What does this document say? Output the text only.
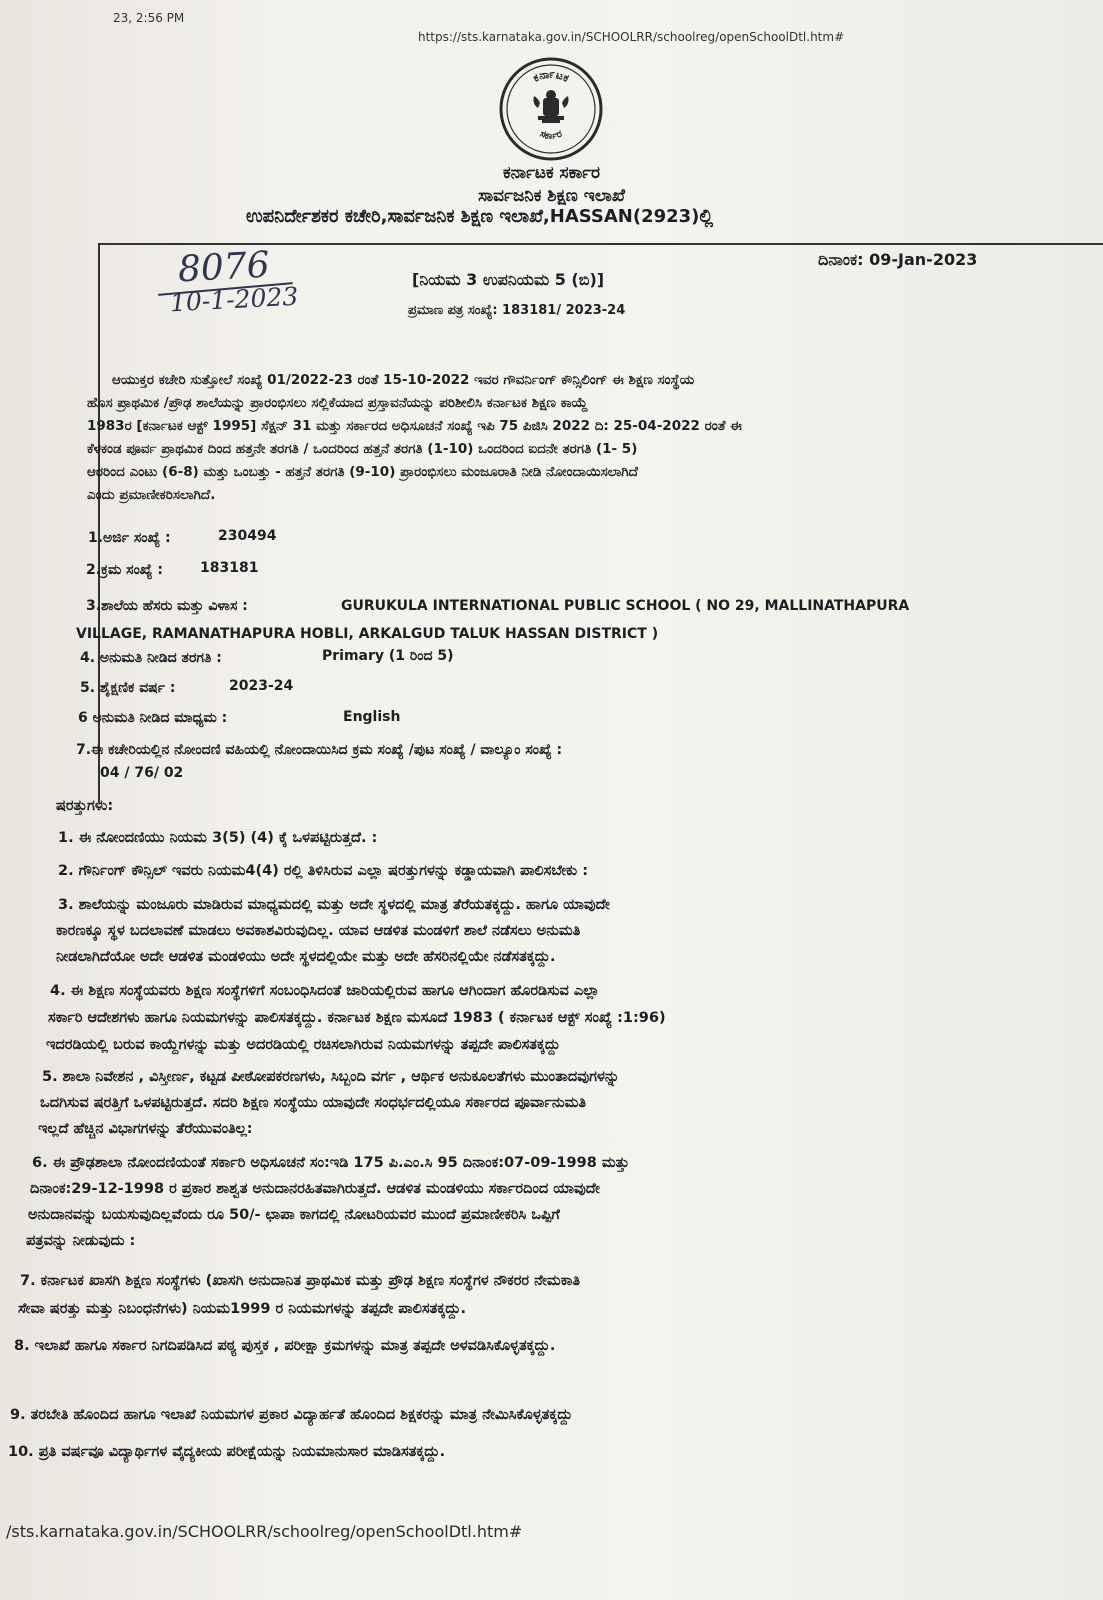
23, 2:56 PM
https://sts.karnataka.gov.in/SCHOOLRR/schoolreg/openSchoolDtl.htm#
ಕರ್ನಾಟಕ
ಸರ್ಕಾರ
ಕರ್ನಾಟಕ ಸರ್ಕಾರ
ಸಾರ್ವಜನಿಕ ಶಿಕ್ಷಣ ಇಲಾಖೆ
ಉಪನಿರ್ದೇಶಕರ ಕಚೇರಿ,ಸಾರ್ವಜನಿಕ ಶಿಕ್ಷಣ ಇಲಾಖೆ,HASSAN(2923)ಲ್ಲಿ
ದಿನಾಂಕ: 09-Jan-2023
8076
10-1-2023
[ನಿಯಮ 3 ಉಪನಿಯಮ 5 (ಬಿ)]
ಪ್ರಮಾಣ ಪತ್ರ ಸಂಖ್ಯೆ: 183181/ 2023-24
ಆಯುಕ್ತರ ಕಚೇರಿ ಸುತ್ತೋಲೆ ಸಂಖ್ಯೆ 01/2022-23 ರಂತೆ 15-10-2022 ಇವರ ಗೌವರ್ನಿಂಗ್ ಕೌನ್ಸಿಲಿಂಗ್ ಈ ಶಿಕ್ಷಣ ಸಂಸ್ಥೆಯ
ಹೊಸ ಪ್ರಾಥಮಿಕ /ಪ್ರೌಢ ಶಾಲೆಯನ್ನು ಪ್ರಾರಂಭಿಸಲು ಸಲ್ಲಿಕೆಯಾದ ಪ್ರಸ್ತಾವನೆಯನ್ನು ಪರಿಶೀಲಿಸಿ ಕರ್ನಾಟಕ ಶಿಕ್ಷಣ ಕಾಯ್ದೆ
1983ರ [ಕರ್ನಾಟಕ ಆಕ್ಟ್ 1995] ಸೆಕ್ಷನ್ 31 ಮತ್ತು ಸರ್ಕಾರದ ಅಧಿಸೂಚನೆ ಸಂಖ್ಯೆ ಇಪಿ 75 ಪಿಜಿಸಿ 2022 ದಿ: 25-04-2022 ರಂತೆ ಈ
ಕೆಳಕಂಡ ಪೂರ್ವ ಪ್ರಾಥಮಿಕ ದಿಂದ ಹತ್ತನೇ ತರಗತಿ / ಒಂದರಿಂದ ಹತ್ತನೆ ತರಗತಿ (1-10) ಒಂದರಿಂದ ಐದನೇ ತರಗತಿ (1- 5)
ಆರರಿಂದ ಎಂಟು (6-8) ಮತ್ತು ಒಂಬತ್ತು - ಹತ್ತನೆ ತರಗತಿ (9-10) ಪ್ರಾರಂಭಿಸಲು ಮಂಜೂರಾತಿ ನೀಡಿ ನೋಂದಾಯಿಸಲಾಗಿದೆ
ಎಂದು ಪ್ರಮಾಣೀಕರಿಸಲಾಗಿದೆ.
1.ಅರ್ಜಿ ಸಂಖ್ಯೆ :	230494
2.ಕ್ರಮ ಸಂಖ್ಯೆ :	183181
3.ಶಾಲೆಯ ಹೆಸರು ಮತ್ತು ವಿಳಾಸ :	GURUKULA INTERNATIONAL PUBLIC SCHOOL ( NO 29, MALLINATHAPURA
VILLAGE, RAMANATHAPURA HOBLI, ARKALGUD TALUK HASSAN DISTRICT )
4. ಅನುಮತಿ ನೀಡಿದ ತರಗತಿ :	Primary (1 ರಿಂದ 5)
5. ಶೈಕ್ಷಣಿಕ ವರ್ಷ :	2023-24
6 ಅನುಮತಿ ನೀಡಿದ ಮಾಧ್ಯಮ :	English
7.ಈ ಕಚೇರಿಯಲ್ಲಿನ ನೋಂದಣಿ ವಹಿಯಲ್ಲಿ ನೋಂದಾಯಿಸಿದ ಕ್ರಮ ಸಂಖ್ಯೆ /ಪುಟ ಸಂಖ್ಯೆ / ವಾಲ್ಯೂಂ ಸಂಖ್ಯೆ :
04 / 76/ 02
ಷರತ್ತುಗಳು:
1. ಈ ನೋಂದಣಿಯು ನಿಯಮ 3(5) (4) ಕ್ಕೆ ಒಳಪಟ್ಟಿರುತ್ತದೆ. :
2. ಗೌರ್ನಿಂಗ್ ಕೌನ್ಸಿಲ್ ಇವರು ನಿಯಮ4(4) ರಲ್ಲಿ ತಿಳಿಸಿರುವ ಎಲ್ಲಾ ಷರತ್ತುಗಳನ್ನು ಕಡ್ಡಾಯವಾಗಿ ಪಾಲಿಸಬೇಕು :
3. ಶಾಲೆಯನ್ನು ಮಂಜೂರು ಮಾಡಿರುವ ಮಾಧ್ಯಮದಲ್ಲಿ ಮತ್ತು ಅದೇ ಸ್ಥಳದಲ್ಲಿ ಮಾತ್ರ ತೆರೆಯತಕ್ಕದ್ದು. ಹಾಗೂ ಯಾವುದೇ
ಕಾರಣಕ್ಕೂ ಸ್ಥಳ ಬದಲಾವಣೆ ಮಾಡಲು ಅವಕಾಶವಿರುವುದಿಲ್ಲ. ಯಾವ ಆಡಳಿತ ಮಂಡಳಿಗೆ ಶಾಲೆ ನಡೆಸಲು ಅನುಮತಿ
ನೀಡಲಾಗಿದೆಯೋ ಅದೇ ಆಡಳಿತ ಮಂಡಳಿಯು ಅದೇ ಸ್ಥಳದಲ್ಲಿಯೇ ಮತ್ತು ಅದೇ ಹೆಸರಿನಲ್ಲಿಯೇ ನಡೆಸತಕ್ಕದ್ದು.
4. ಈ ಶಿಕ್ಷಣ ಸಂಸ್ಥೆಯವರು ಶಿಕ್ಷಣ ಸಂಸ್ಥೆಗಳಿಗೆ ಸಂಬಂಧಿಸಿದಂತೆ ಜಾರಿಯಲ್ಲಿರುವ ಹಾಗೂ ಆಗಿಂದಾಗ ಹೊರಡಿಸುವ ಎಲ್ಲಾ
ಸರ್ಕಾರಿ ಆದೇಶಗಳು ಹಾಗೂ ನಿಯಮಗಳನ್ನು ಪಾಲಿಸತಕ್ಕದ್ದು. ಕರ್ನಾಟಕ ಶಿಕ್ಷಣ ಮಸೂದೆ 1983 ( ಕರ್ನಾಟಕ ಆಕ್ಟ್ ಸಂಖ್ಯೆ :1:96)
ಇದರಡಿಯಲ್ಲಿ ಬರುವ ಕಾಯ್ದೆಗಳನ್ನು ಮತ್ತು ಅದರಡಿಯಲ್ಲಿ ರಚಿಸಲಾಗಿರುವ ನಿಯಮಗಳನ್ನು ತಪ್ಪದೇ ಪಾಲಿಸತಕ್ಕದ್ದು
5. ಶಾಲಾ ನಿವೇಶನ , ವಿಸ್ತೀರ್ಣ, ಕಟ್ಟಡ ಪೀಠೋಪಕರಣಗಳು, ಸಿಬ್ಬಂದಿ ವರ್ಗ , ಆರ್ಥಿಕ ಅನುಕೂಲತೆಗಳು ಮುಂತಾದವುಗಳನ್ನು
ಒದಗಿಸುವ ಷರತ್ತಿಗೆ ಒಳಪಟ್ಟಿರುತ್ತದೆ. ಸದರಿ ಶಿಕ್ಷಣ ಸಂಸ್ಥೆಯು ಯಾವುದೇ ಸಂಧರ್ಭದಲ್ಲಿಯೂ ಸರ್ಕಾರದ ಪೂರ್ವಾನುಮತಿ
ಇಲ್ಲದೆ ಹೆಚ್ಚಿನ ವಿಭಾಗಗಳನ್ನು ತೆರೆಯುವಂತಿಲ್ಲ:
6. ಈ ಪ್ರೌಢಶಾಲಾ ನೋಂದಣಿಯಂತೆ ಸರ್ಕಾರಿ ಅಧಿಸೂಚನೆ ಸಂ:ಇಡಿ 175 ಪಿ.ಎಂ.ಸಿ 95 ದಿನಾಂಕ:07-09-1998 ಮತ್ತು
ದಿನಾಂಕ:29-12-1998 ರ ಪ್ರಕಾರ ಶಾಶ್ವತ ಅನುದಾನರಹಿತವಾಗಿರುತ್ತದೆ. ಆಡಳಿತ ಮಂಡಳಿಯು ಸರ್ಕಾರದಿಂದ ಯಾವುದೇ
ಅನುದಾನವನ್ನು ಬಯಸುವುದಿಲ್ಲವೆಂದು ರೂ 50/- ಛಾಪಾ ಕಾಗದಲ್ಲಿ ನೋಟರಿಯವರ ಮುಂದೆ ಪ್ರಮಾಣೀಕರಿಸಿ ಒಪ್ಪಿಗೆ
ಪತ್ರವನ್ನು ನೀಡುವುದು :
7. ಕರ್ನಾಟಕ ಖಾಸಗಿ ಶಿಕ್ಷಣ ಸಂಸ್ಥೆಗಳು (ಖಾಸಗಿ ಅನುದಾನಿತ ಪ್ರಾಥಮಿಕ ಮತ್ತು ಪ್ರೌಢ ಶಿಕ್ಷಣ ಸಂಸ್ಥೆಗಳ ನೌಕರರ ನೇಮಕಾತಿ
ಸೇವಾ ಷರತ್ತು ಮತ್ತು ನಿಬಂಧನೆಗಳು) ನಿಯಮ1999 ರ ನಿಯಮಗಳನ್ನು ತಪ್ಪದೇ ಪಾಲಿಸತಕ್ಕದ್ದು.
8. ಇಲಾಖೆ ಹಾಗೂ ಸರ್ಕಾರ ನಿಗದಿಪಡಿಸಿದ ಪಠ್ಯ ಪುಸ್ತಕ , ಪರೀಕ್ಷಾ ಕ್ರಮಗಳನ್ನು ಮಾತ್ರ ತಪ್ಪದೇ ಅಳವಡಿಸಿಕೊಳ್ಳತಕ್ಕದ್ದು.
9. ತರಬೇತಿ ಹೊಂದಿದ ಹಾಗೂ ಇಲಾಖೆ ನಿಯಮಗಳ ಪ್ರಕಾರ ವಿದ್ಯಾರ್ಹತೆ ಹೊಂದಿದ ಶಿಕ್ಷಕರನ್ನು ಮಾತ್ರ ನೇಮಿಸಿಕೊಳ್ಳತಕ್ಕದ್ದು
10. ಪ್ರತಿ ವರ್ಷವೂ ವಿದ್ಯಾರ್ಥಿಗಳ ವೈದ್ಯಕೀಯ ಪರೀಕ್ಷೆಯನ್ನು ನಿಯಮಾನುಸಾರ ಮಾಡಿಸತಕ್ಕದ್ದು.
/sts.karnataka.gov.in/SCHOOLRR/schoolreg/openSchoolDtl.htm#
